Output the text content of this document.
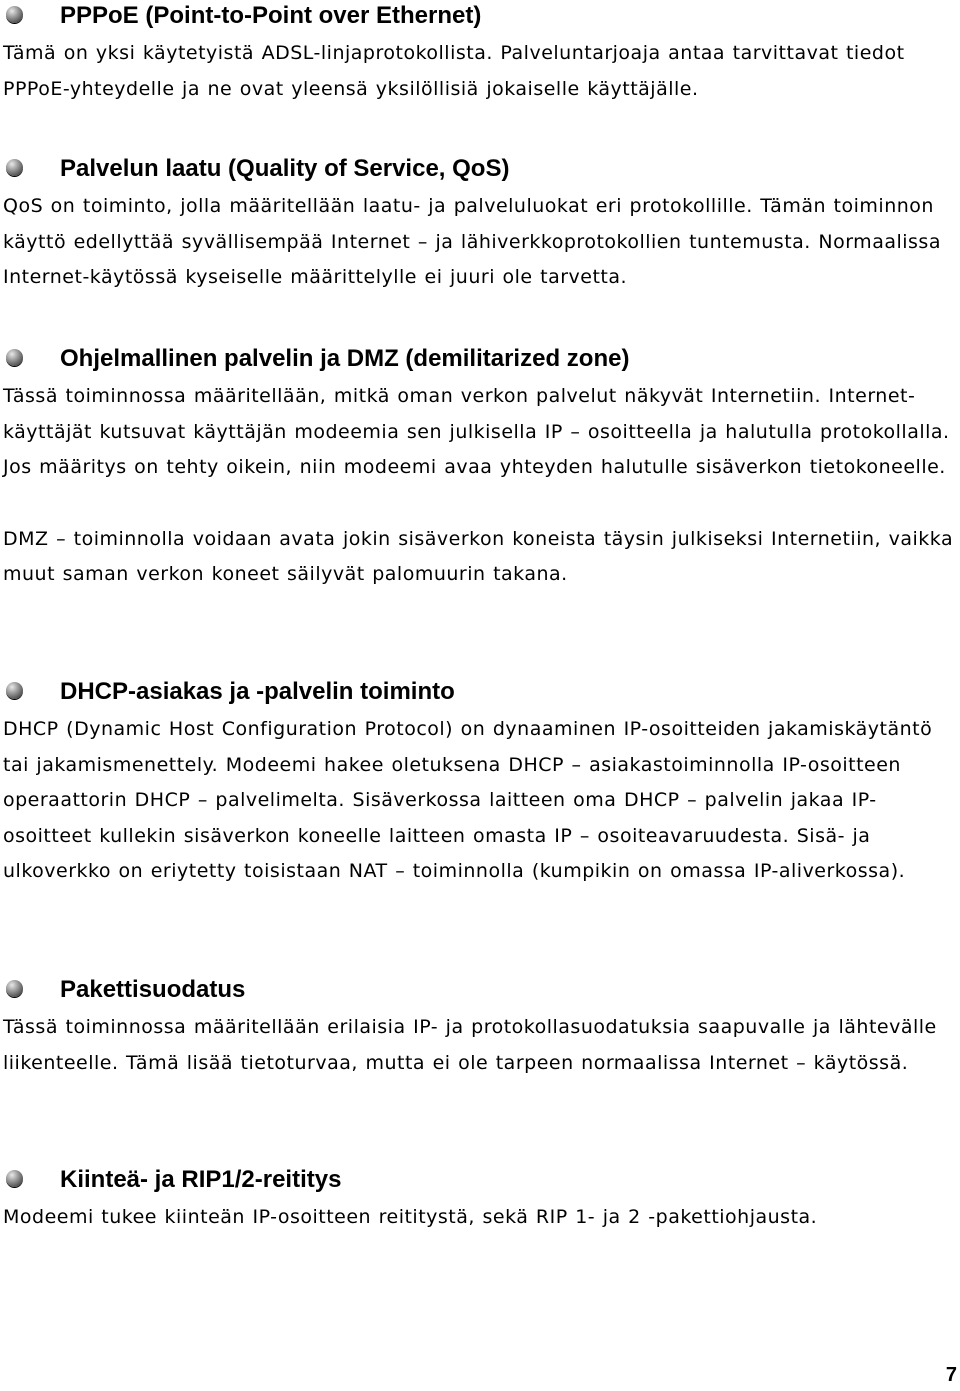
PPPoE (Point-to-Point over Ethernet)
Tämä on yksi käytetyistä ADSL-linjaprotokollista. Palveluntarjoaja antaa tarvittavat tiedot PPPoE-yhteydelle ja ne ovat yleensä yksilöllisiä jokaiselle käyttäjälle.
Palvelun laatu (Quality of Service, QoS)
QoS on toiminto, jolla määritellään laatu- ja palveluluokat eri protokollille. Tämän toiminnon käyttö edellyttää syvällisempää Internet – ja lähiverkkoprotokollien tuntemusta. Normaalissa Internet-käytössä kyseiselle määrittelylle ei juuri ole tarvetta.
Ohjelmallinen palvelin ja DMZ (demilitarized zone)
Tässä toiminnossa määritellään, mitkä oman verkon palvelut näkyvät Internetiin. Internet-käyttäjät kutsuvat käyttäjän modeemia sen julkisella IP – osoitteella ja halutulla protokollalla. Jos määritys on tehty oikein, niin modeemi avaa yhteyden halutulle sisäverkon tietokoneelle.
DMZ – toiminnolla voidaan avata jokin sisäverkon koneista täysin julkiseksi Internetiin, vaikka muut saman verkon koneet säilyvät palomuurin takana.
DHCP-asiakas ja -palvelin toiminto
DHCP (Dynamic Host Configuration Protocol) on dynaaminen IP-osoitteiden jakamiskäytäntö tai jakamismenettely. Modeemi hakee oletuksena DHCP – asiakastoiminnolla IP-osoitteen operaattorin DHCP – palvelimelta. Sisäverkossa laitteen oma DHCP – palvelin jakaa IP-osoitteet kullekin sisäverkon koneelle laitteen omasta IP – osoiteavaruudesta. Sisä- ja ulkoverkko on eriytetty toisistaan NAT – toiminnolla (kumpikin on omassa IP-aliverkossa).
Pakettisuodatus
Tässä toiminnossa määritellään erilaisia IP- ja protokollasuodatuksia saapuvalle ja lähtevälle liikenteelle. Tämä lisää tietoturvaa, mutta ei ole tarpeen normaalissa Internet – käytössä.
Kiinteä- ja RIP1/2-reititys
Modeemi tukee kiinteän IP-osoitteen reititystä, sekä RIP 1- ja 2 -pakettiohjausta.
7
